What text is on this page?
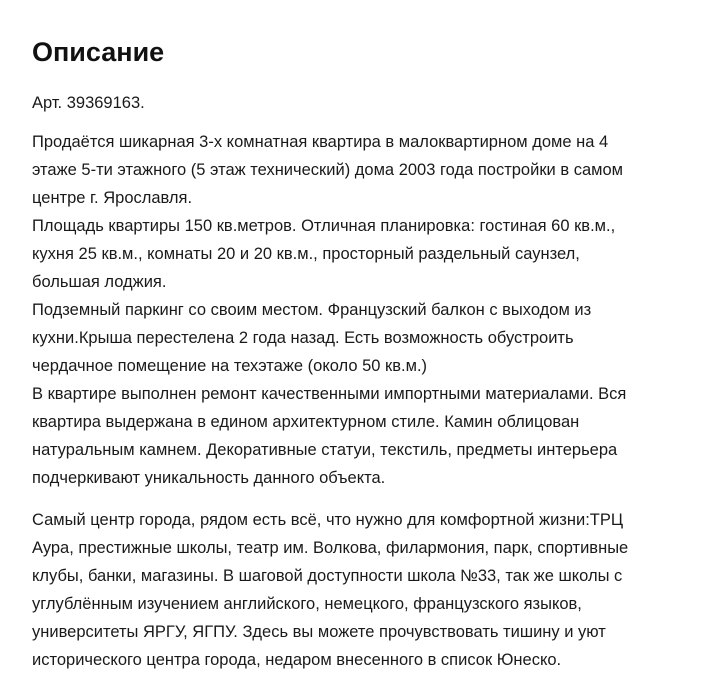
Описание
Арт. 39369163.
Продаётся шикарная 3-х комнатная квартира в малоквартирном доме на 4
этаже 5-ти этажного (5 этаж технический) дома 2003 года постройки в самом
центре г. Ярославля.
Площадь квартиры 150 кв.метров. Отличная планировка: гостиная 60 кв.м.,
кухня 25 кв.м., комнаты 20 и 20 кв.м., просторный раздельный саунзел,
большая лоджия.
Подземный паркинг со своим местом. Французский балкон с выходом из
кухни.Крыша перестелена 2 года назад. Есть возможность обустроить
чердачное помещение на техэтаже (около 50 кв.м.)
В квартире выполнен ремонт качественными импортными материалами. Вся
квартира выдержана в едином архитектурном стиле. Камин облицован
натуральным камнем. Декоративные статуи, текстиль, предметы интерьера
подчеркивают уникальность данного объекта.
Самый центр города, рядом есть всё, что нужно для комфортной жизни:ТРЦ
Аура, престижные школы, театр им. Волкова, филармония, парк, спортивные
клубы, банки, магазины. В шаговой доступности школа №33, так же школы с
углублённым изучением английского, немецкого, французского языков,
университеты ЯРГУ, ЯГПУ. Здесь вы можете прочувствовать тишину и уют
исторического центра города, недаром внесенного в список Юнеско.
